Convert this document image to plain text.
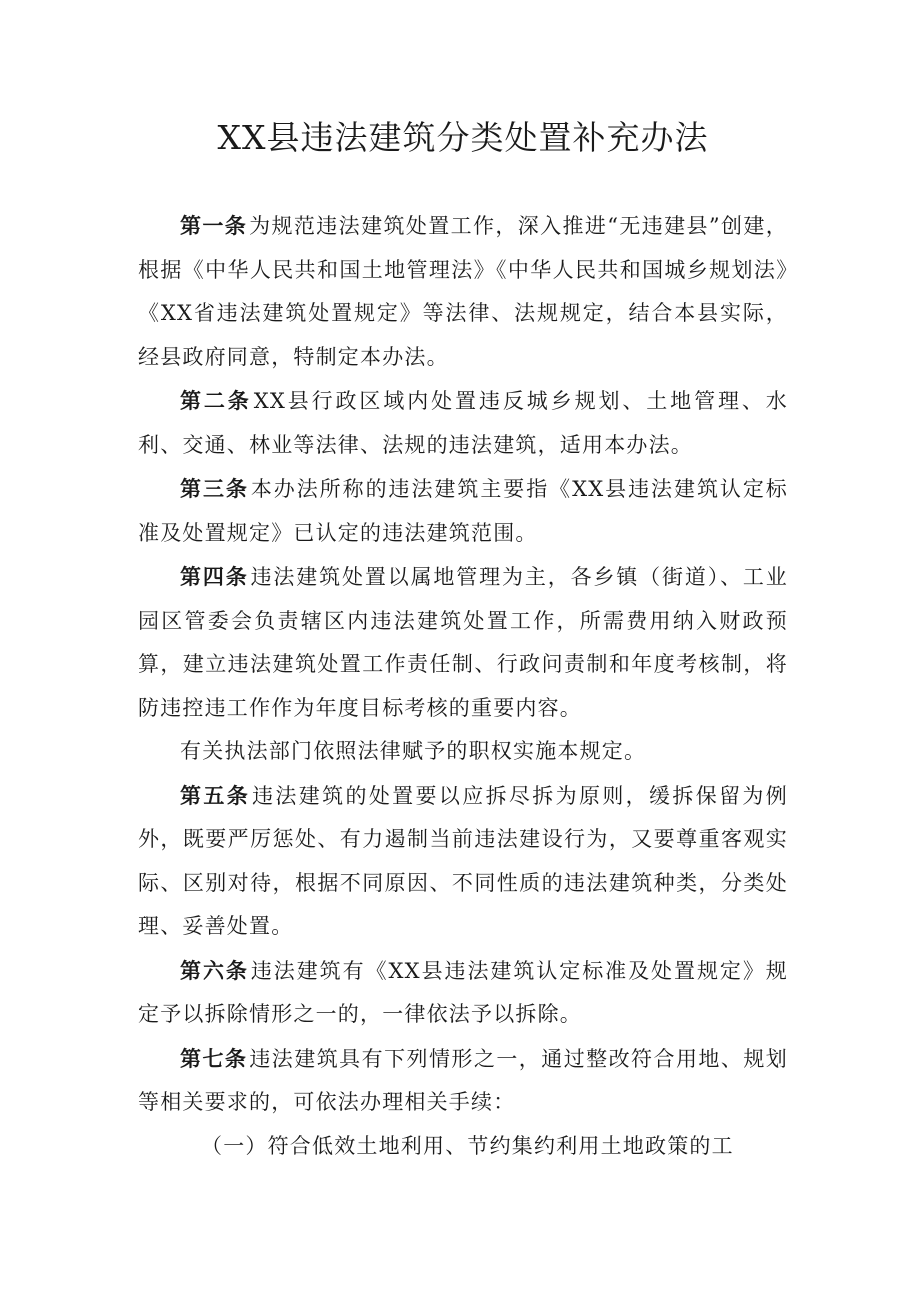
XX县违法建筑分类处置补充办法

第一条为规范违法建筑处置工作，深入推进“无违建县”创建，根据《中华人民共和国土地管理法》《中华人民共和国城乡规划法》《XX省违法建筑处置规定》等法律、法规规定，结合本县实际，经县政府同意，特制定本办法。

第二条XX县行政区域内处置违反城乡规划、土地管理、水利、交通、林业等法律、法规的违法建筑，适用本办法。

第三条本办法所称的违法建筑主要指《XX县违法建筑认定标准及处置规定》已认定的违法建筑范围。

第四条违法建筑处置以属地管理为主，各乡镇（街道）、工业园区管委会负责辖区内违法建筑处置工作，所需费用纳入财政预算，建立违法建筑处置工作责任制、行政问责制和年度考核制，将防违控违工作作为年度目标考核的重要内容。

有关执法部门依照法律赋予的职权实施本规定。

第五条违法建筑的处置要以应拆尽拆为原则，缓拆保留为例外，既要严厉惩处、有力遏制当前违法建设行为，又要尊重客观实际、区别对待，根据不同原因、不同性质的违法建筑种类，分类处理、妥善处置。

第六条违法建筑有《XX县违法建筑认定标准及处置规定》规定予以拆除情形之一的，一律依法予以拆除。

第七条违法建筑具有下列情形之一，通过整改符合用地、规划等相关要求的，可依法办理相关手续：

（一）符合低效土地利用、节约集约利用土地政策的工
